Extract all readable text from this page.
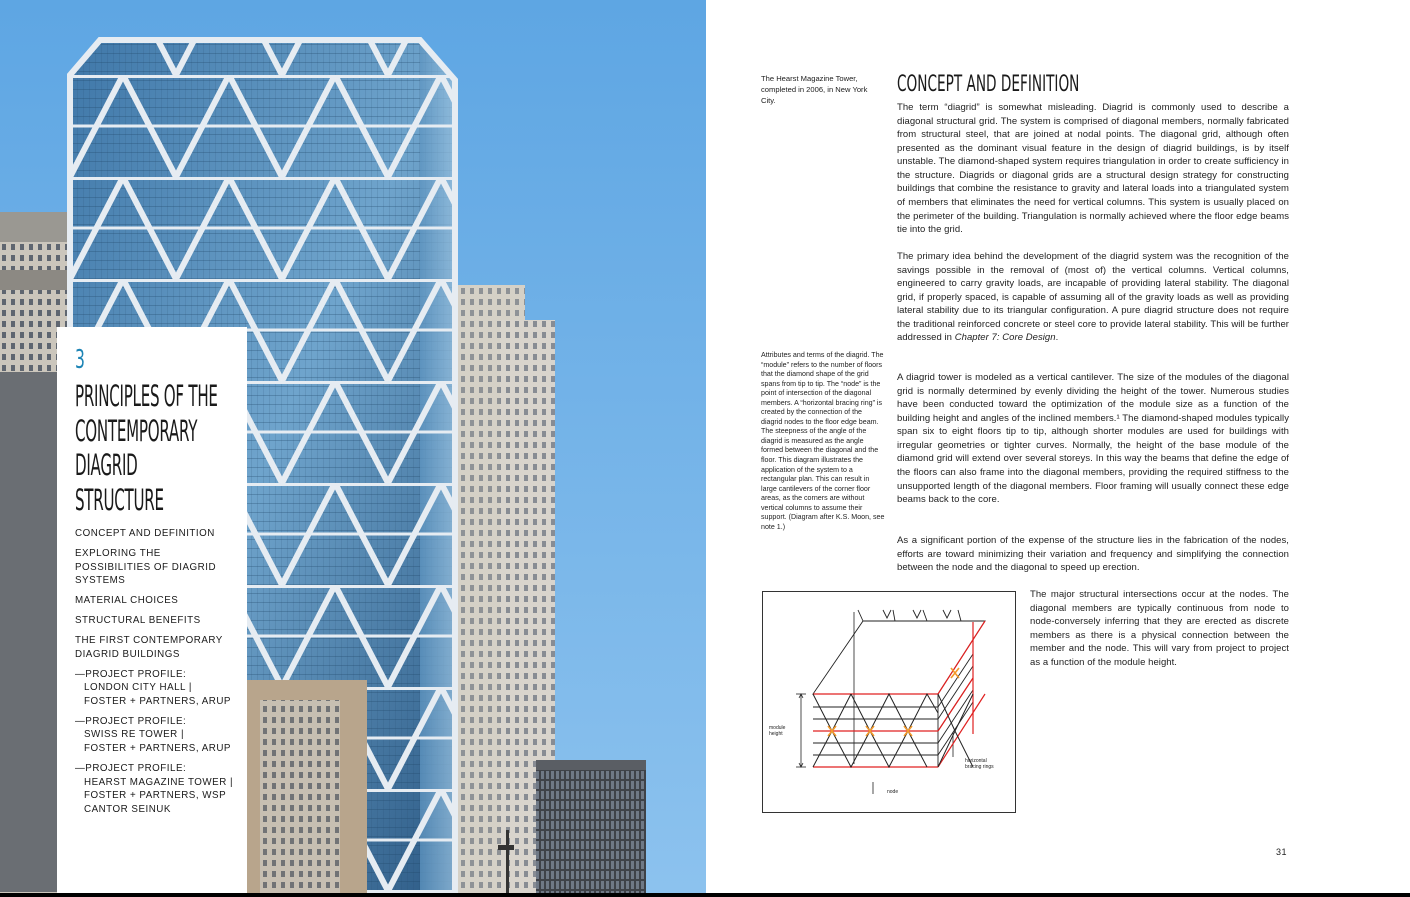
3
PRINCIPLES OF THE
CONTEMPORARY
DIAGRID
STRUCTURE
CONCEPT AND DEFINITION
EXPLORING THE
POSSIBILITIES OF DIAGRID
SYSTEMS
MATERIAL CHOICES
STRUCTURAL BENEFITS
THE FIRST CONTEMPORARY
DIAGRID BUILDINGS
—PROJECT PROFILE:
LONDON CITY HALL |
FOSTER + PARTNERS, ARUP
—PROJECT PROFILE:
SWISS RE TOWER |
FOSTER + PARTNERS, ARUP
—PROJECT PROFILE:
HEARST MAGAZINE TOWER |
FOSTER + PARTNERS, WSP
CANTOR SEINUK
The Hearst Magazine Tower, completed in 2006, in New York City.
Attributes and terms of the diagrid. The “module” refers to the number of floors that the diamond shape of the grid spans from tip to tip. The “node” is the point of intersection of the diagonal members. A “horizontal bracing ring” is created by the connection of the diagrid nodes to the floor edge beam. The steepness of the angle of the diagrid is measured as the angle formed between the diagonal and the floor. This diagram illustrates the application of the system to a rectangular plan. This can result in large cantilevers of the corner floor areas, as the corners are without vertical columns to assume their support. (Diagram after K.S. Moon, see note 1.)
CONCEPT AND DEFINITION
The term “diagrid” is somewhat misleading. Diagrid is commonly used to describe a diagonal structural grid. The system is comprised of diagonal members, normally fabricated from structural steel, that are joined at nodal points. The diagonal grid, although often presented as the dominant visual feature in the design of diagrid buildings, is by itself unstable. The diamond-shaped system requires triangulation in order to create sufficiency in the structure. Diagrids or diagonal grids are a structural design strategy for constructing buildings that combine the resistance to gravity and lateral loads into a triangulated system of members that eliminates the need for vertical columns. This system is usually placed on the perimeter of the building. Triangulation is normally achieved where the floor edge beams tie into the grid.
The primary idea behind the development of the diagrid system was the recognition of the savings possible in the removal of (most of) the vertical columns. Vertical columns, engineered to carry gravity loads, are incapable of providing lateral stability. The diagonal grid, if properly spaced, is capable of assuming all of the gravity loads as well as providing lateral stability due to its triangular configuration. A pure diagrid structure does not require the traditional reinforced concrete or steel core to provide lateral stability. This will be further addressed in Chapter 7: Core Design.
A diagrid tower is modeled as a vertical cantilever. The size of the modules of the diagonal grid is normally determined by evenly dividing the height of the tower. Numerous studies have been conducted toward the optimization of the module size as a function of the building height and angles of the inclined members.¹ The diamond-shaped modules typically span six to eight floors tip to tip, although shorter modules are used for buildings with irregular geometries or tighter curves. Normally, the height of the base module of the diamond grid will extend over several storeys. In this way the beams that define the edge of the floors can also frame into the diagonal members, providing the required stiffness to the unsupported length of the diagonal members. Floor framing will usually connect these edge beams back to the core.
As a significant portion of the expense of the structure lies in the fabrication of the nodes, efforts are toward minimizing their variation and frequency and simplifying the connection between the node and the diagonal to speed up erection.
The major structural intersections occur at the nodes. The diagonal members are typically continuous from node to node-conversely inferring that they are erected as discrete members as there is a physical connection between the member and the node. This will vary from project to project as a function of the module height.
module height
horizontal bracing rings
node
31
